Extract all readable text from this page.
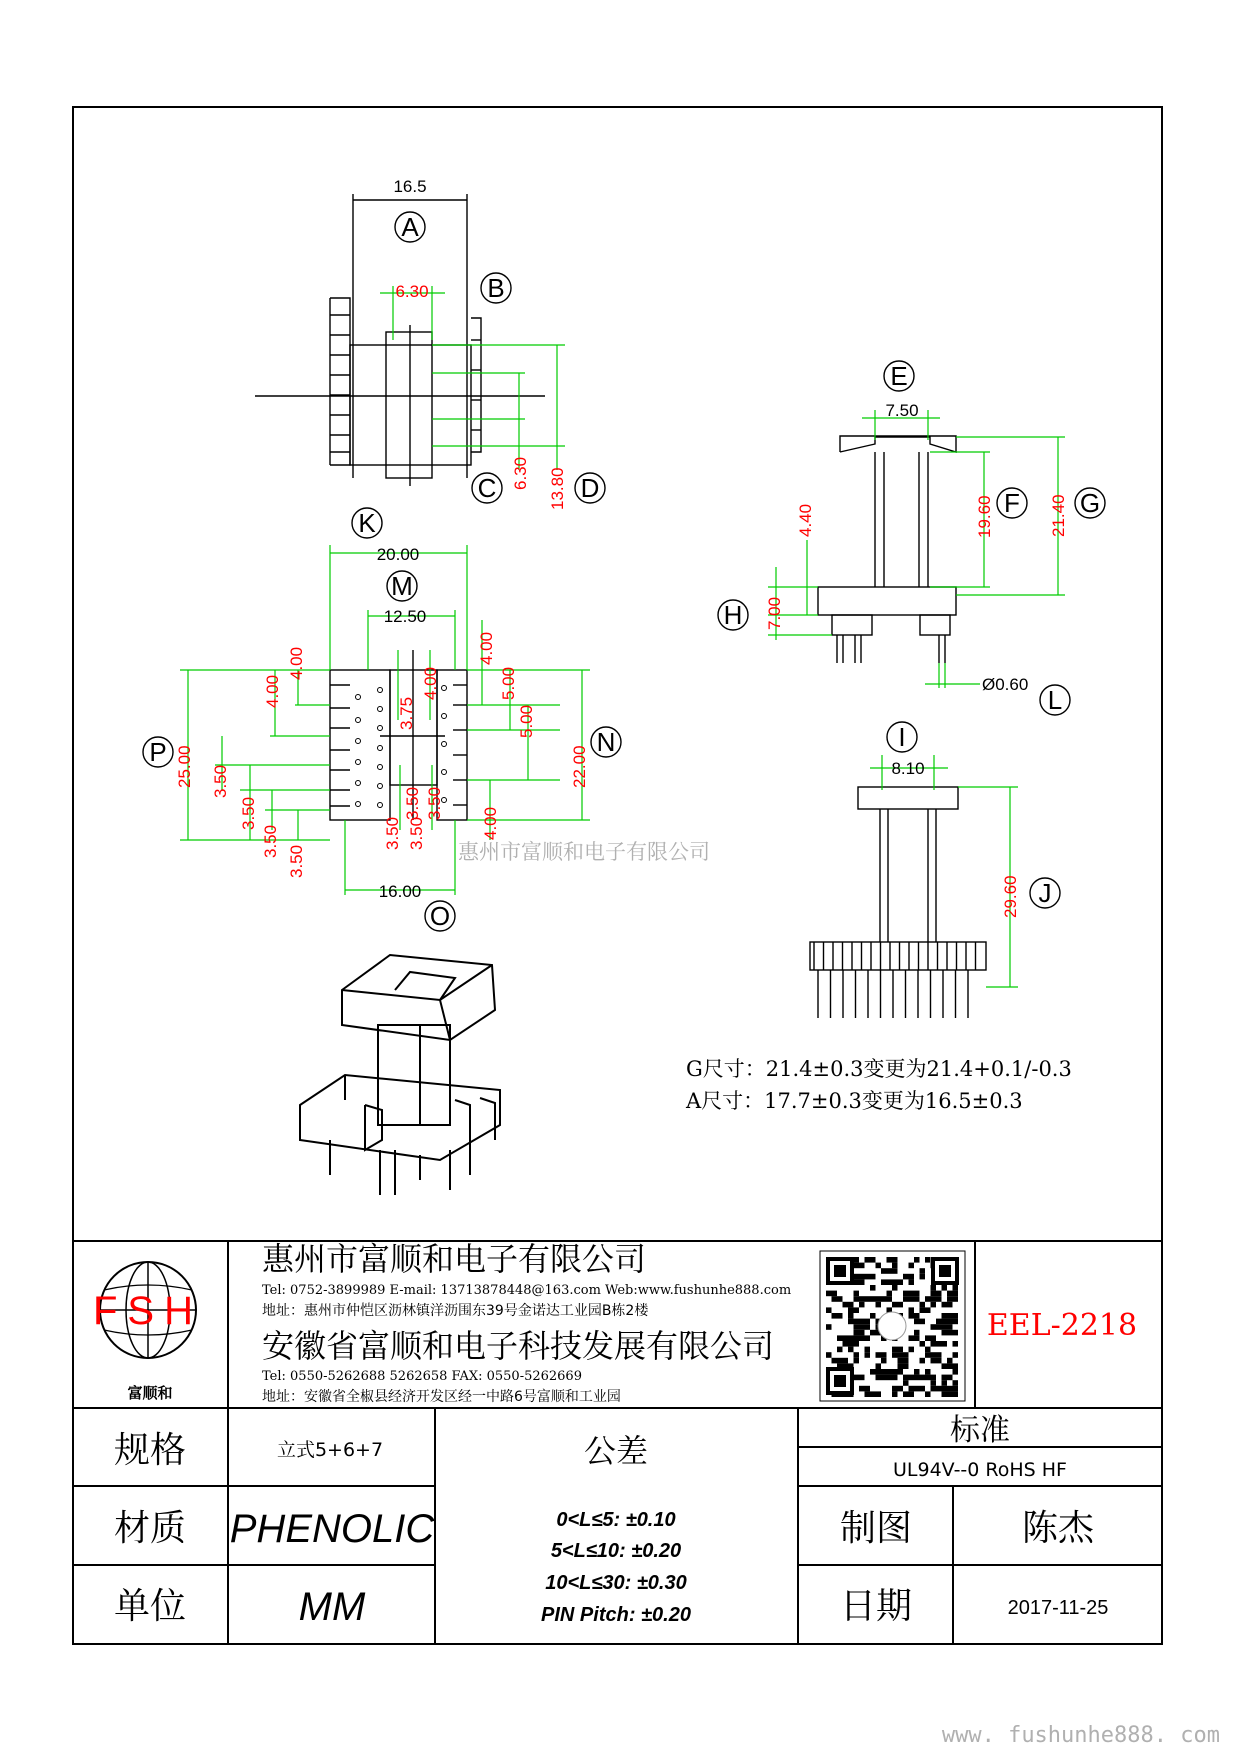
16.5
6.30
6.30 13.80
A
B
C	D
7.50
19.60	21.40
4.40
7.00
Ø0.60
E
F G
H
L
20.00
12.50
22.00
25.00
16.00
4.00
4.00
3.50
3.50
3.50
3.50
3.75
4.00
3.50 3.50
3.50
3.50
4.00
5.00
5.00
4.00
K
M
N
P
O
惠州市富顺和电子有限公司
8.10
29.60
I
J
G尺寸：21.4±0.3变更为21.4+0.1/-0.3
A尺寸：17.7±0.3变更为16.5±0.3
FSH
富顺和
惠州市富顺和电子有限公司
Tel: 0752-3899989 E-mail: 13713878448@163.com Web:www.fushunhe888.com
地址：惠州市仲恺区沥林镇洋沥围东39号金诺达工业园B栋2楼
安徽省富顺和电子科技发展有限公司
Tel: 0550-5262688 5262658 FAX: 0550-5262669
地址：安徽省全椒县经济开发区经一中路6号富顺和工业园
EEL-2218
规格	立式5+6+7
材质 PHENOLIC
单位	MM
公差
0<L≤5: ±0.10
5<L≤10: ±0.20
10<L≤30: ±0.30
PIN Pitch: ±0.20
标准
UL94V--0 RoHS HF
制图	陈杰
日期	2017-11-25
www. fushunhe888. com
